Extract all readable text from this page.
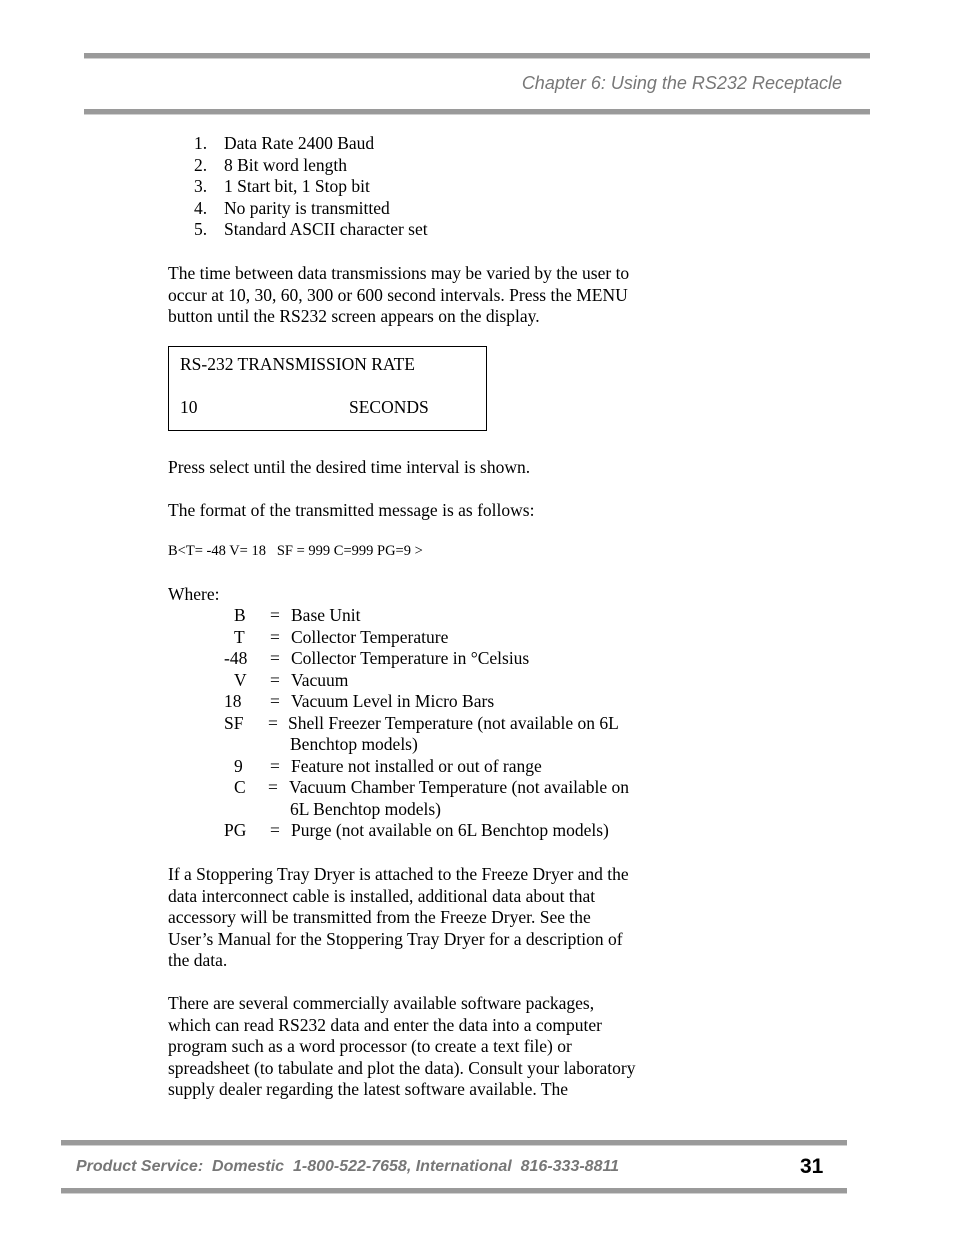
Chapter 6: Using the RS232 Receptacle
1. Data Rate 2400 Baud
2. 8 Bit word length
3. 1 Start bit, 1 Stop bit
4. No parity is transmitted
5. Standard ASCII character set
The time between data transmissions may be varied by the user to
occur at 10, 30, 60, 300 or 600 second intervals. Press the MENU
button until the RS232 screen appears on the display.
RS-232 TRANSMISSION RATE
10	SECONDS
Press select until the desired time interval is shown.
The format of the transmitted message is as follows:
B<T= -48 V= 18   SF = 999 C=999 PG=9 >
Where:
B = Base Unit
T = Collector Temperature
-48 = Collector Temperature in °Celsius
V = Vacuum
18 = Vacuum Level in Micro Bars
SF = Shell Freezer Temperature (not available on 6L
Benchtop models)
9 = Feature not installed or out of range
C = Vacuum Chamber Temperature (not available on
6L Benchtop models)
PG = Purge (not available on 6L Benchtop models)
If a Stoppering Tray Dryer is attached to the Freeze Dryer and the
data interconnect cable is installed, additional data about that
accessory will be transmitted from the Freeze Dryer. See the
User’s Manual for the Stoppering Tray Dryer for a description of
the data.
There are several commercially available software packages,
which can read RS232 data and enter the data into a computer
program such as a word processor (to create a text file) or
spreadsheet (to tabulate and plot the data). Consult your laboratory
supply dealer regarding the latest software available. The
Product Service:  Domestic  1-800-522-7658, International  816-333-8811	31
